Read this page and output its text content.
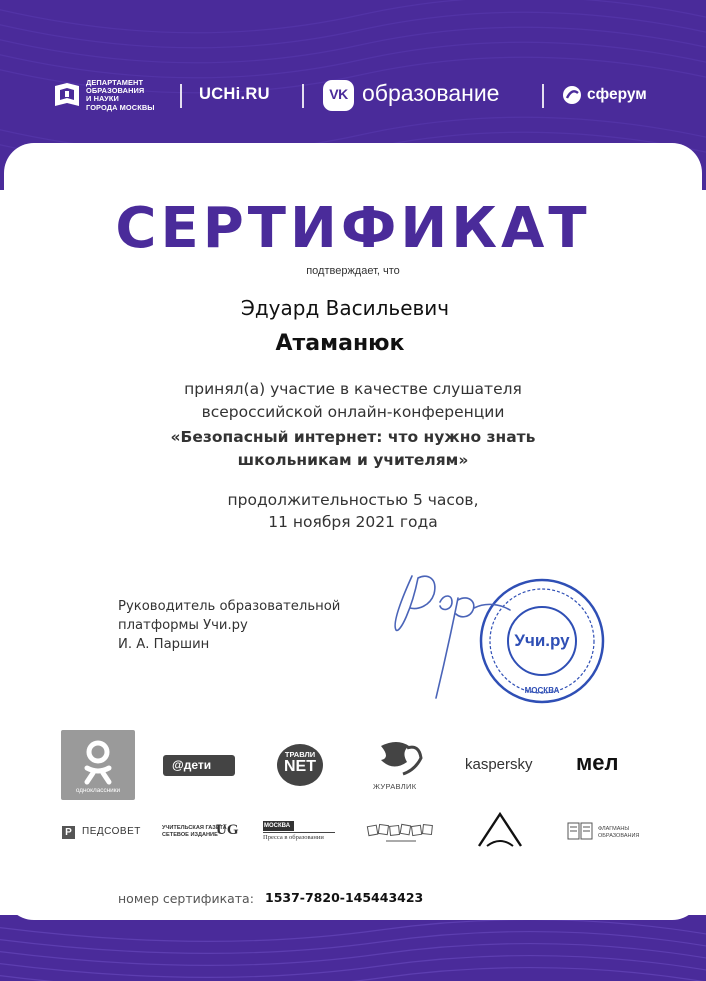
ДЕПАРТАМЕНТ
ОБРАЗОВАНИЯ
И НАУКИ
ГОРОДА МОСКВЫ
UCHi.RU	VK образование	сферум
СЕРТИФИКАТ
подтверждает, что
Эдуард Васильевич
Атаманюк
принял(а) участие в качестве слушателя
всероссийской онлайн-конференции
«Безопасный интернет: что нужно знать
школьникам и учителям»
продолжительностью 5 часов,
11 ноября 2021 года
Руководитель образовательной
платформы Учи.ру
И. А. Паршин	Учи.ру
МОСКВА
одноклассники
@дети
ТРАВЛИ
NET
ЖУРАВЛИК
kaspersky мел
P	ПЕДСОВЕТ	УЧИТЕЛЬСКАЯ ГАЗЕТА
СЕТЕВОЕ ИЗДАНИЕ
UG	МОСКВА
Пресса в образовании
ФЛАГМАНЫ
ОБРАЗОВАНИЯ
номер сертификата: 1537-7820-145443423
